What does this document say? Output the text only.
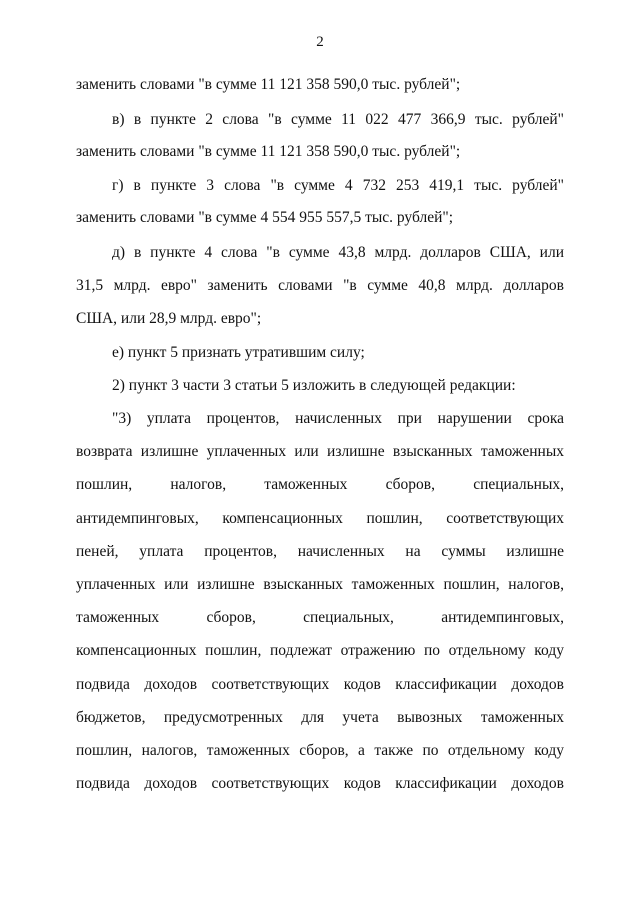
2
заменить словами "в сумме 11 121 358 590,0 тыс. рублей";
в) в пункте 2 слова "в сумме 11 022 477 366,9 тыс. рублей"
заменить словами "в сумме 11 121 358 590,0 тыс. рублей";
г) в пункте 3 слова "в сумме 4 732 253 419,1 тыс. рублей"
заменить словами "в сумме 4 554 955 557,5 тыс. рублей";
д) в пункте 4 слова "в сумме 43,8 млрд. долларов США, или
31,5 млрд. евро" заменить словами "в сумме 40,8 млрд. долларов
США, или 28,9 млрд. евро";
е) пункт 5 признать утратившим силу;
2) пункт 3 части 3 статьи 5 изложить в следующей редакции:
"3) уплата процентов, начисленных при нарушении срока
возврата излишне уплаченных или излишне взысканных таможенных
пошлин, налогов, таможенных сборов, специальных,
антидемпинговых, компенсационных пошлин, соответствующих
пеней, уплата процентов, начисленных на суммы излишне
уплаченных или излишне взысканных таможенных пошлин, налогов,
таможенных сборов, специальных, антидемпинговых,
компенсационных пошлин, подлежат отражению по отдельному коду
подвида доходов соответствующих кодов классификации доходов
бюджетов, предусмотренных для учета вывозных таможенных
пошлин, налогов, таможенных сборов, а также по отдельному коду
подвида доходов соответствующих кодов классификации доходов
